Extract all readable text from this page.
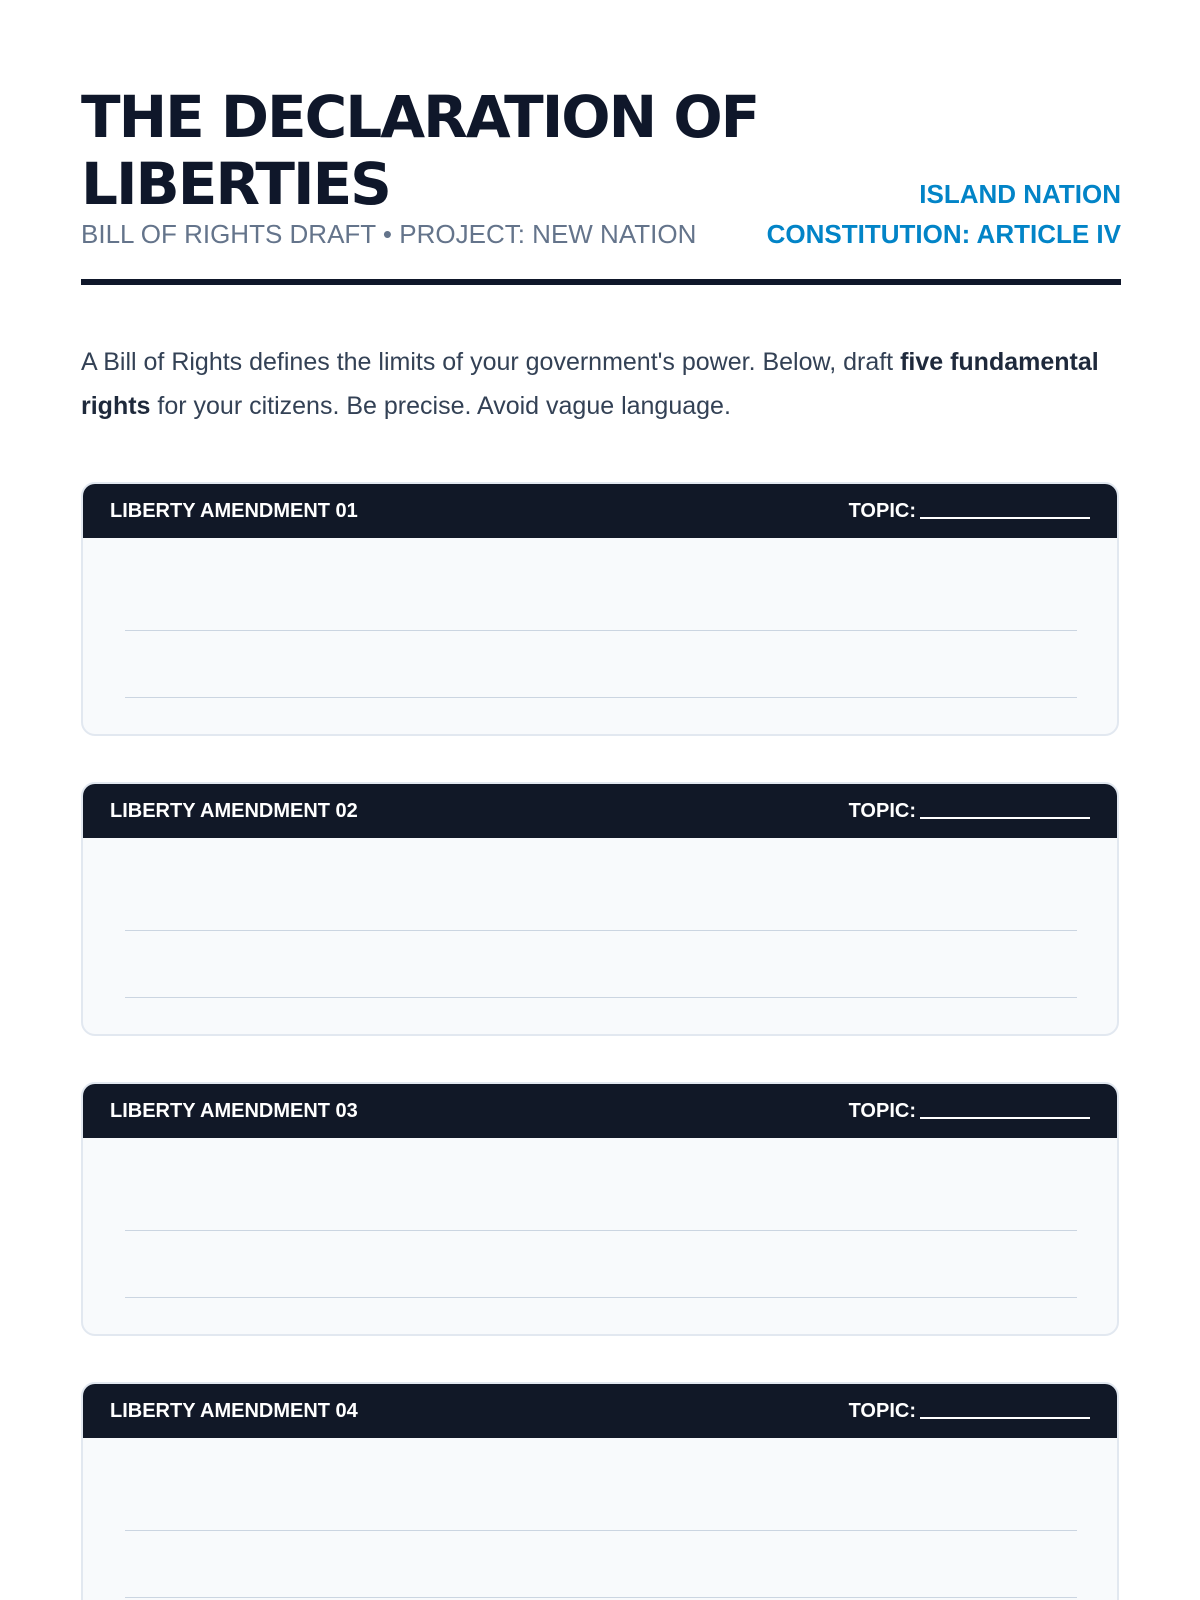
THE DECLARATION OF LIBERTIES
BILL OF RIGHTS DRAFT • PROJECT: NEW NATION
ISLAND NATION
CONSTITUTION: ARTICLE IV

A Bill of Rights defines the limits of your government's power. Below, draft five fundamental rights for your citizens. Be precise. Avoid vague language.

LIBERTY AMENDMENT 01	TOPIC:
LIBERTY AMENDMENT 02	TOPIC:
LIBERTY AMENDMENT 03	TOPIC:
LIBERTY AMENDMENT 04	TOPIC:
